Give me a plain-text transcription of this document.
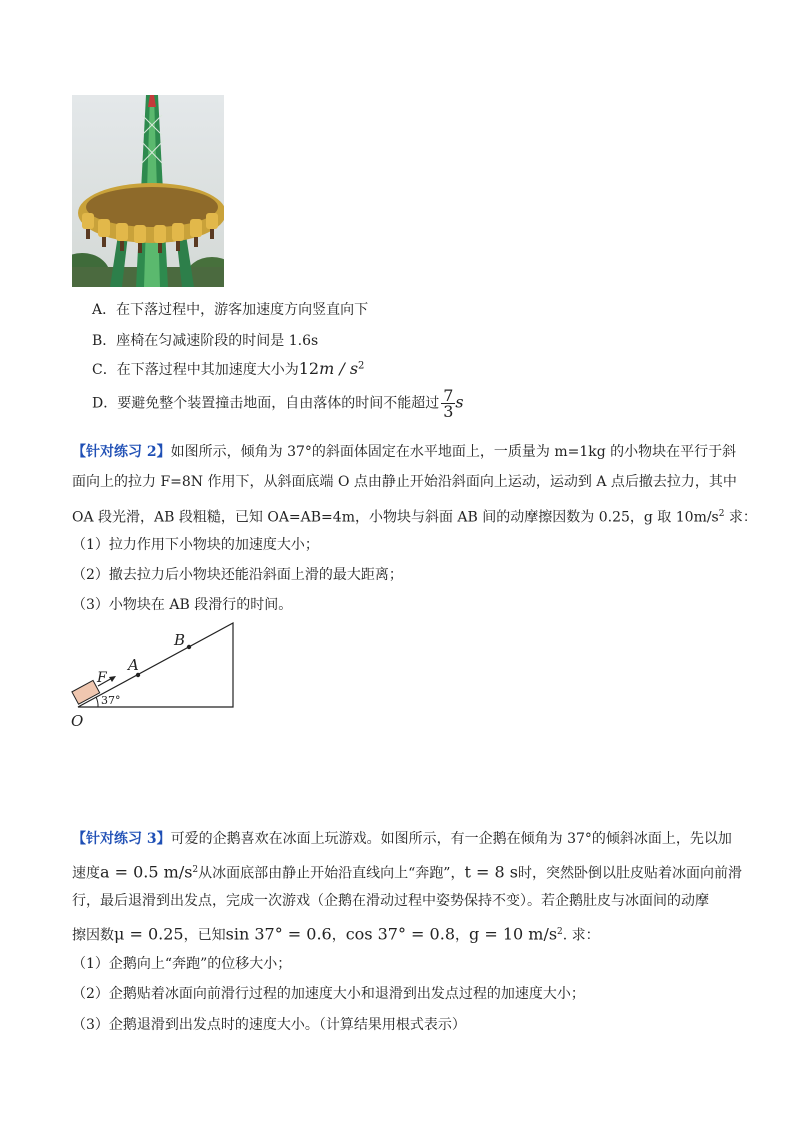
A．在下落过程中，游客加速度方向竖直向下
B．座椅在匀减速阶段的时间是 1.6s
C．在下落过程中其加速度大小为$12m / s^2$
D．要避免整个装置撞击地面，自由落体的时间不能超过 $\frac{7}{3}$ s
【针对练习 2】如图所示，倾角为 37°的斜面体固定在水平地面上，一质量为 m=1kg 的小物块在平行于斜
面向上的拉力 F=8N 作用下，从斜面底端 O 点由静止开始沿斜面向上运动，运动到 A 点后撤去拉力，其中
OA 段光滑，AB 段粗糙，已知 OA=AB=4m，小物块与斜面 AB 间的动摩擦因数为 0.25，g 取 $10m/s^2$ 求：
（1）拉力作用下小物块的加速度大小；
（2）撤去拉力后小物块还能沿斜面上滑的最大距离；
（3）小物块在 AB 段滑行的时间。
B
A
F
O
37°
【针对练习 3】可爱的企鹅喜欢在冰面上玩游戏。如图所示，有一企鹅在倾角为 37°的倾斜冰面上，先以加
速度a = 0.5 $m/s^2$从冰面底部由静止开始沿直线向上“奔跑”，t = 8 s时，突然卧倒以肚皮贴着冰面向前滑
行，最后退滑到出发点，完成一次游戏（企鹅在滑动过程中姿势保持不变）。若企鹅肚皮与冰面间的动摩
擦因数μ = 0.25，已知sin 37° = 0.6，cos 37° = 0.8，g = 10 $m/s^2$. 求：
（1）企鹅向上“奔跑”的位移大小；
（2）企鹅贴着冰面向前滑行过程的加速度大小和退滑到出发点过程的加速度大小；
（3）企鹅退滑到出发点时的速度大小。（计算结果用根式表示）
